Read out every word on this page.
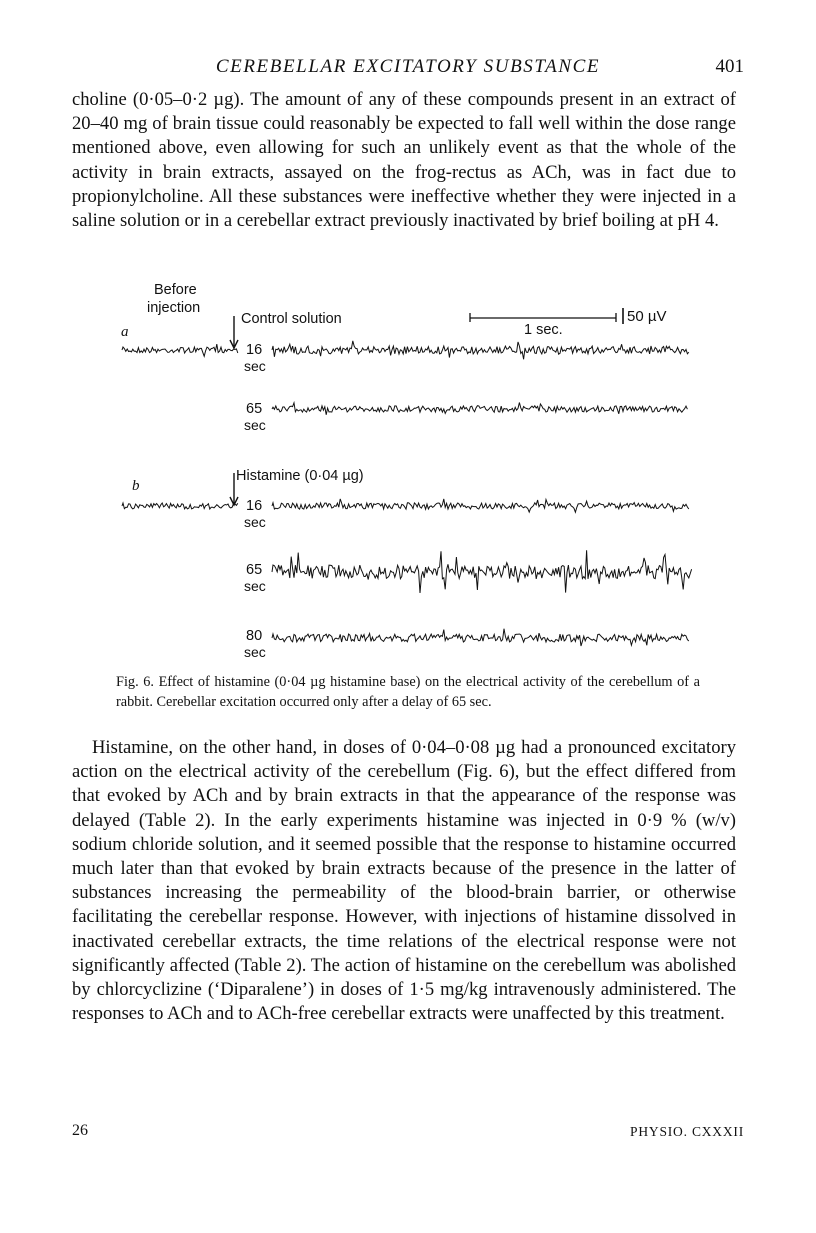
CEREBELLAR EXCITATORY SUBSTANCE	401

choline (0·05–0·2 µg). The amount of any of these compounds present in an extract of 20–40 mg of brain tissue could reasonably be expected to fall well within the dose range mentioned above, even allowing for such an unlikely event as that the whole of the activity in brain extracts, assayed on the frog-rectus as ACh, was in fact due to propionylcholine. All these substances were ineffective whether they were injected in a saline solution or in a cerebellar extract previously inactivated by brief boiling at pH 4.

Before
injection
a
Control solution
1 sec.
50 µV
16
sec
65
sec
Histamine (0·04 µg)
b
16
sec
65
sec
80
sec
Fig. 6. Effect of histamine (0·04 µg histamine base) on the electrical activity of the cerebellum of a rabbit. Cerebellar excitation occurred only after a delay of 65 sec.

Histamine, on the other hand, in doses of 0·04–0·08 µg had a pronounced excitatory action on the electrical activity of the cerebellum (Fig. 6), but the effect differed from that evoked by ACh and by brain extracts in that the appearance of the response was delayed (Table 2). In the early experiments histamine was injected in 0·9 % (w/v) sodium chloride solution, and it seemed possible that the response to histamine occurred much later than that evoked by brain extracts because of the presence in the latter of substances increasing the permeability of the blood-brain barrier, or otherwise facilitating the cerebellar response. However, with injections of histamine dissolved in inactivated cerebellar extracts, the time relations of the electrical response were not significantly affected (Table 2). The action of histamine on the cerebellum was abolished by chlorcyclizine (‘Diparalene’) in doses of 1·5 mg/kg intravenously administered. The responses to ACh and to ACh-free cerebellar extracts were unaffected by this treatment.

26	PHYSIO. CXXXII
